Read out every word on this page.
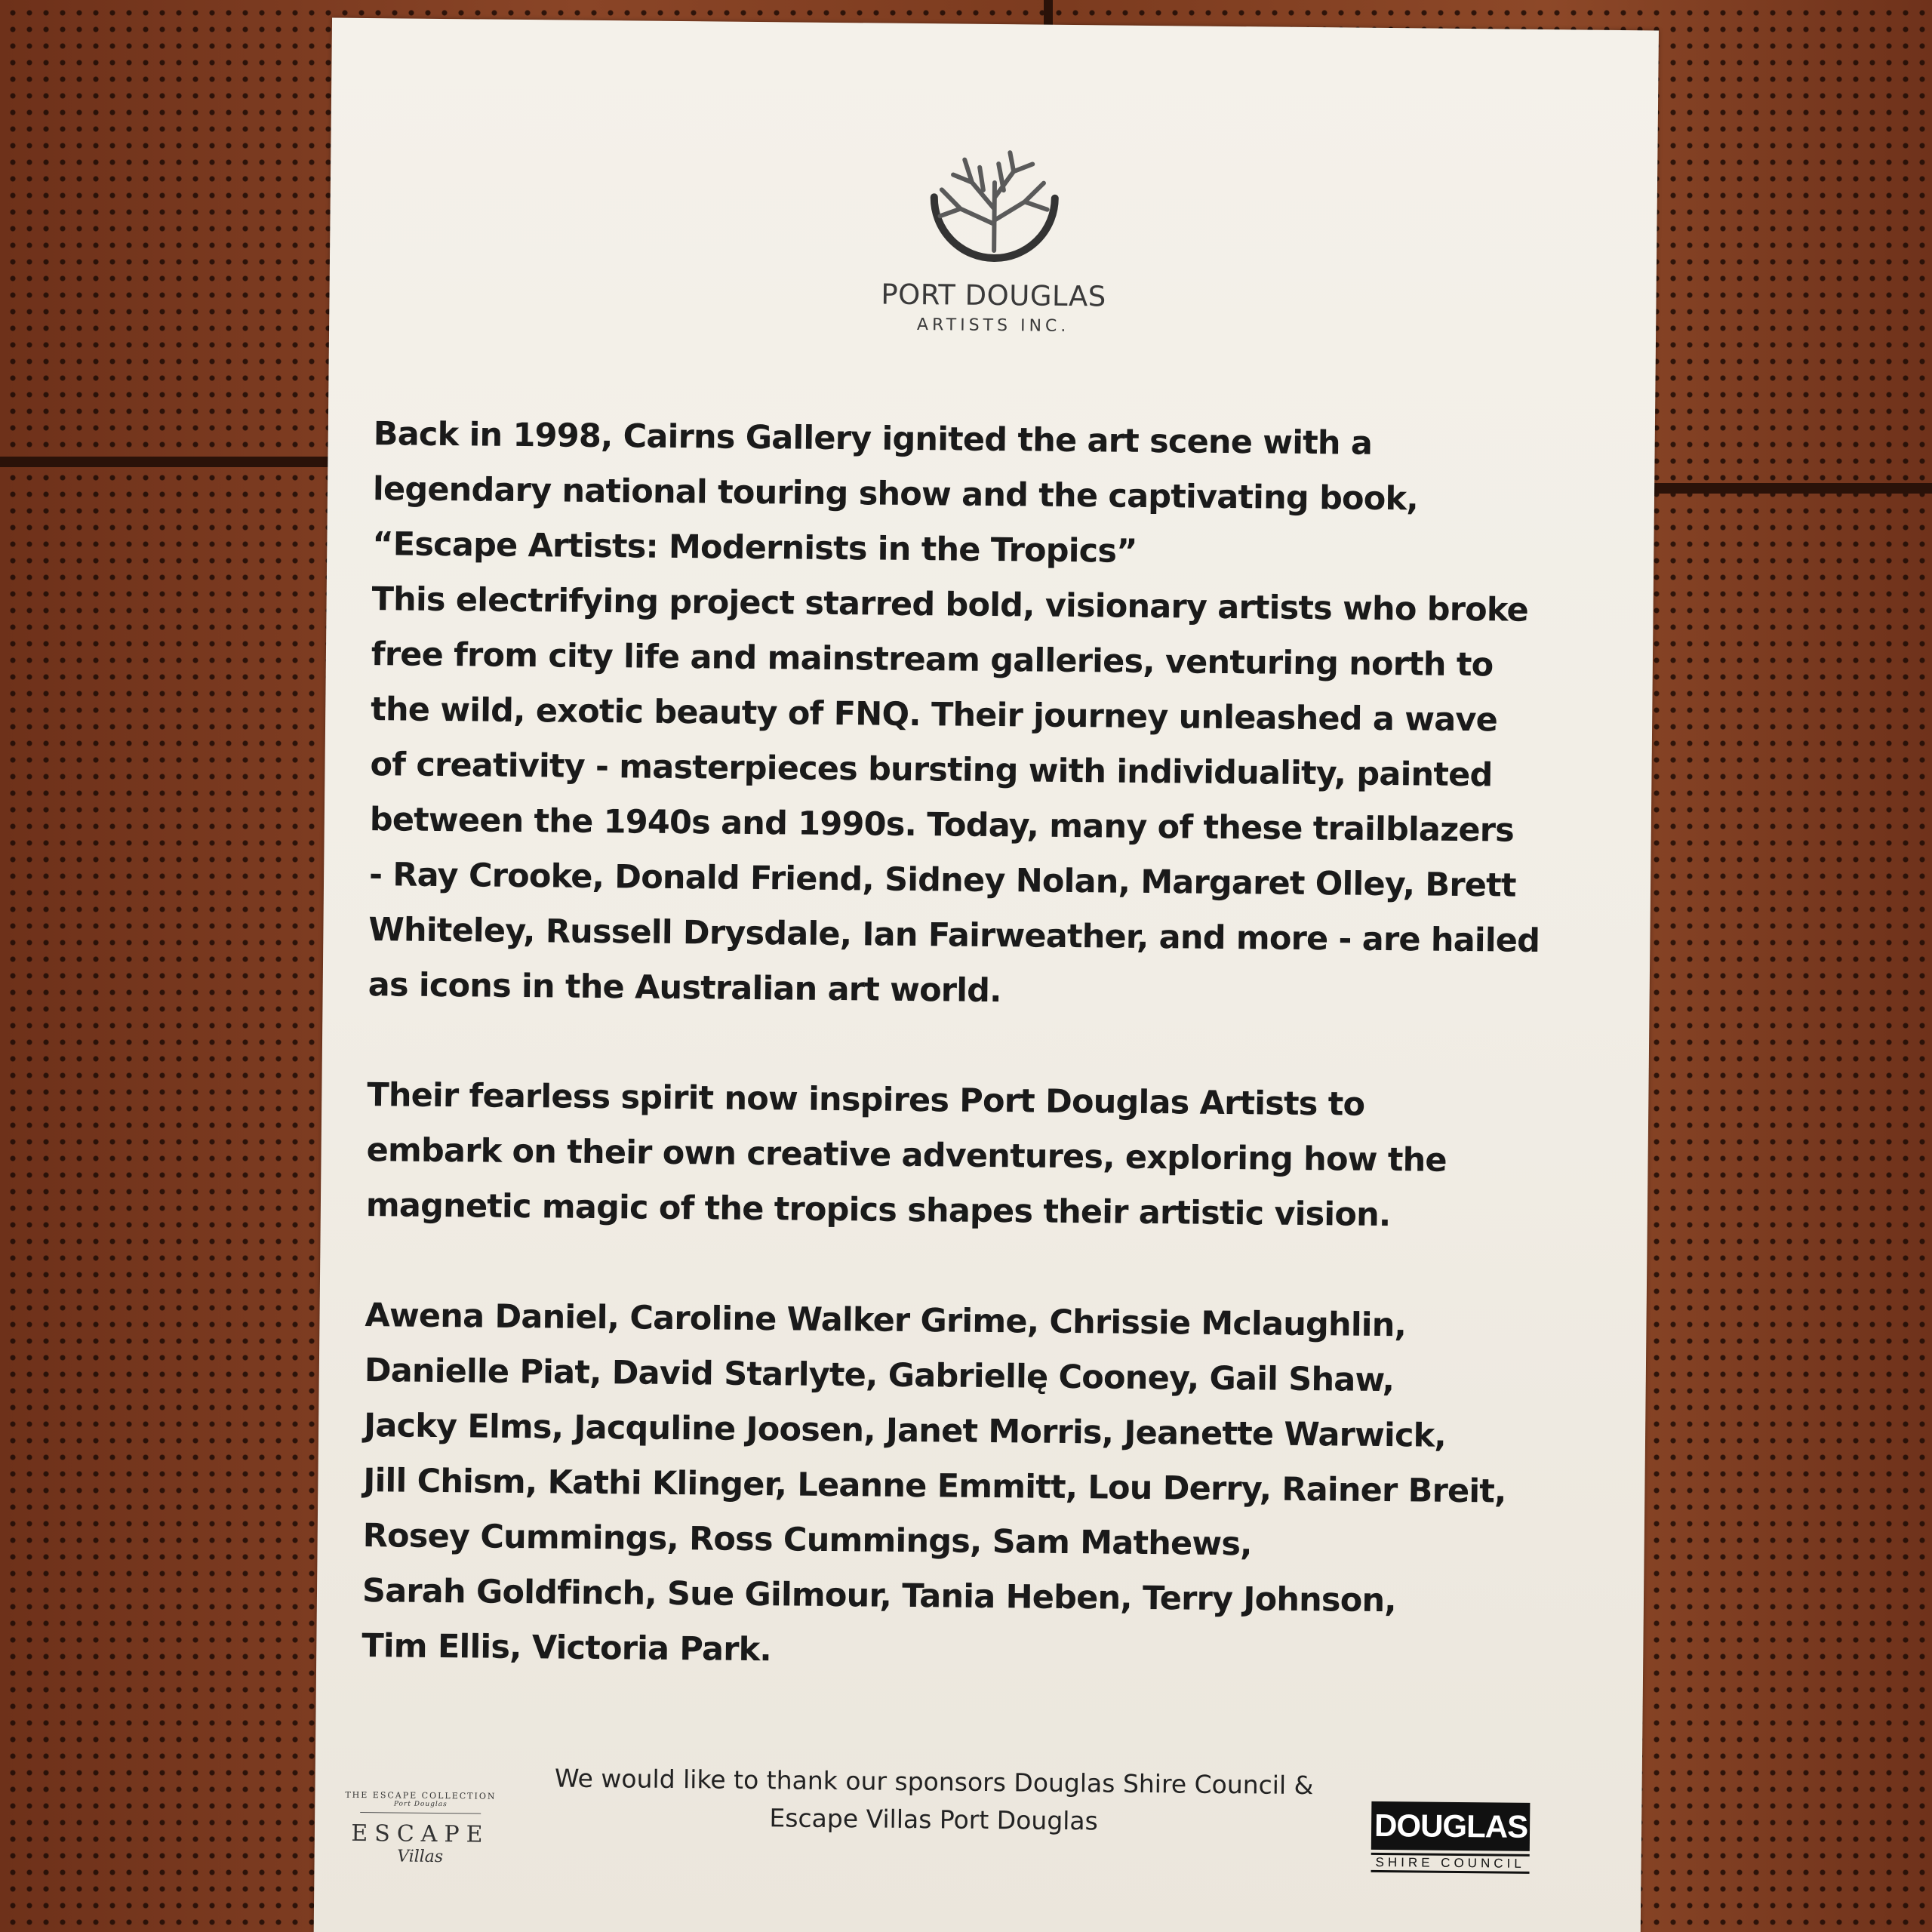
PORT DOUGLAS
ARTISTS INC.
Back in 1998, Cairns Gallery ignited the art scene with a
legendary national touring show and the captivating book,
“Escape Artists: Modernists in the Tropics”
This electrifying project starred bold, visionary artists who broke
free from city life and mainstream galleries, venturing north to
the wild, exotic beauty of FNQ. Their journey unleashed a wave
of creativity - masterpieces bursting with individuality, painted
between the 1940s and 1990s. Today, many of these trailblazers
- Ray Crooke, Donald Friend, Sidney Nolan, Margaret Olley, Brett
Whiteley, Russell Drysdale, Ian Fairweather, and more - are hailed
as icons in the Australian art world.
Their fearless spirit now inspires Port Douglas Artists to
embark on their own creative adventures, exploring how the
magnetic magic of the tropics shapes their artistic vision.
Awena Daniel, Caroline Walker Grime, Chrissie Mclaughlin,
Danielle Piat, David Starlyte, Gabriellę Cooney, Gail Shaw,
Jacky Elms, Jacquline Joosen, Janet Morris, Jeanette Warwick,
Jill Chism, Kathi Klinger, Leanne Emmitt, Lou Derry, Rainer Breit,
Rosey Cummings, Ross Cummings, Sam Mathews,
Sarah Goldfinch, Sue Gilmour, Tania Heben, Terry Johnson,
Tim Ellis, Victoria Park.
THE ESCAPE COLLECTION
Port Douglas
ESCAPE
Villas
We would like to thank our sponsors Douglas Shire Council &
Escape Villas Port Douglas	DOUGLAS
SHIRE COUNCIL
